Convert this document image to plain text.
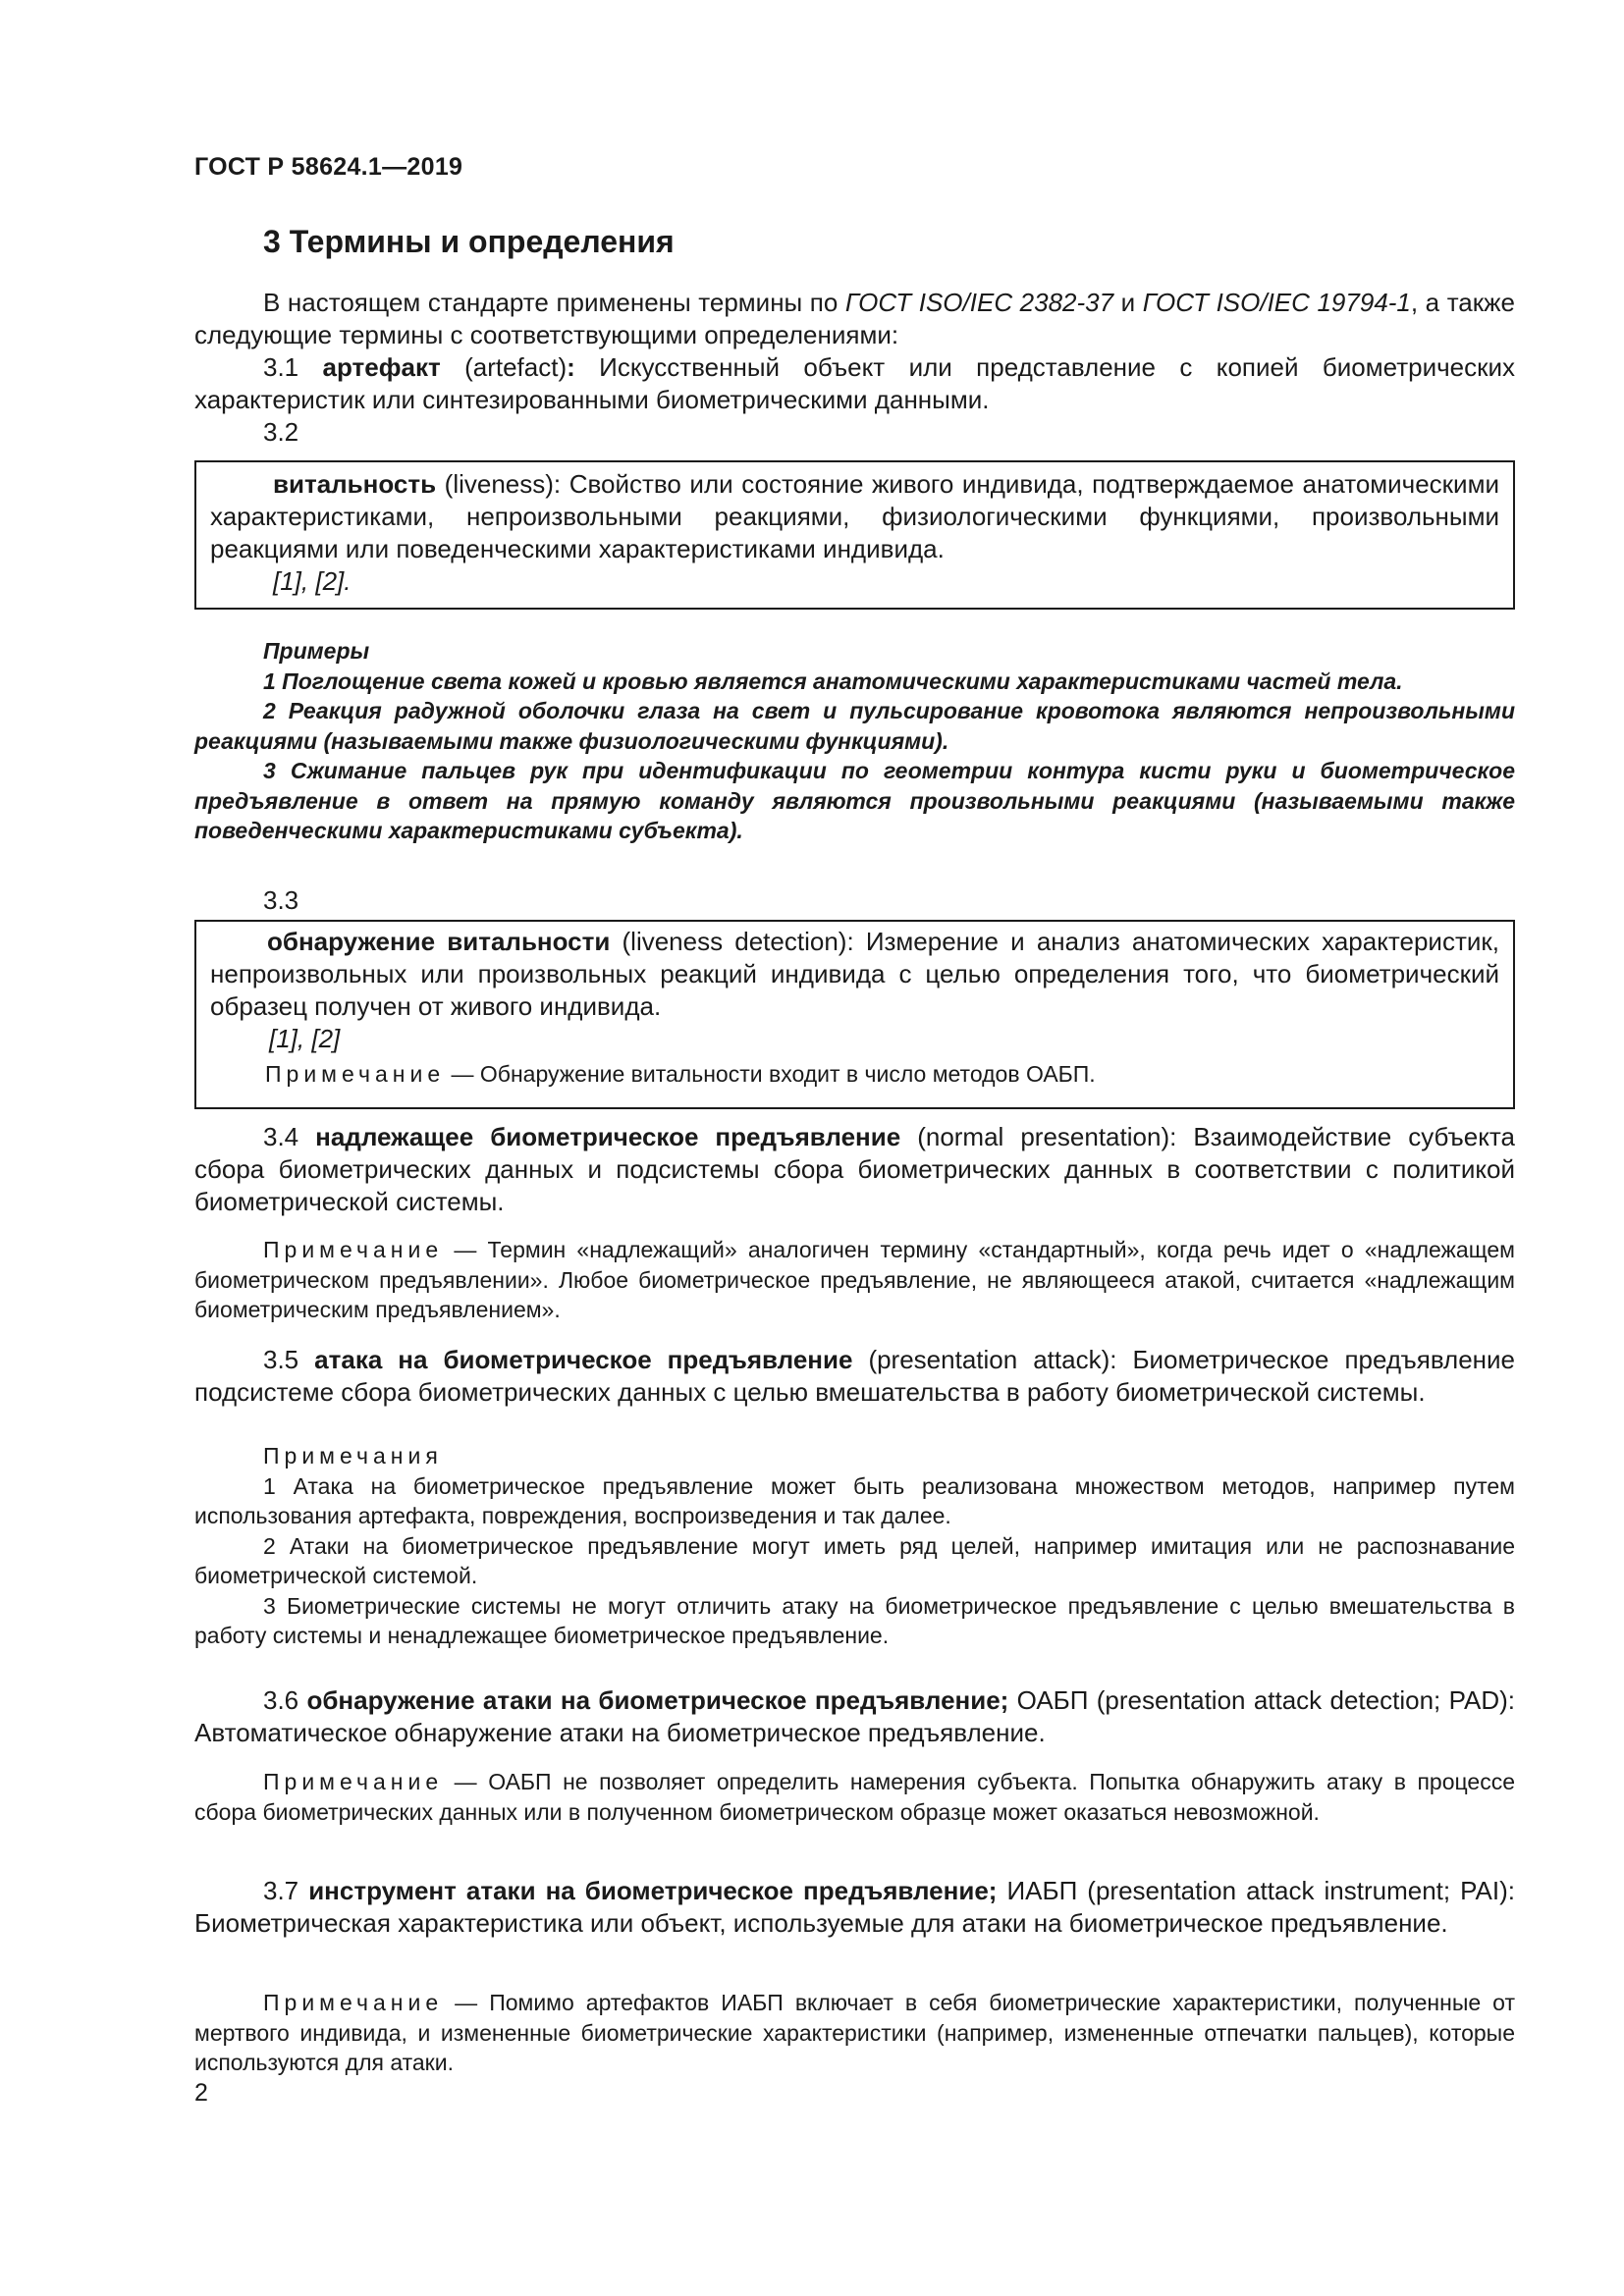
ГОСТ Р 58624.1—2019
3 Термины и определения

В настоящем стандарте применены термины по ГОСТ ISO/IEC 2382-37 и ГОСТ ISO/IEC 19794-1, а также следующие термины с соответствующими определениями:

3.1 артефакт (artefact): Искусственный объект или представление с копией биометрических характеристик или синтезированными биометрическими данными.

3.2

витальность (liveness): Свойство или состояние живого индивида, подтверждаемое анатомическими характеристиками, непроизвольными реакциями, физиологическими функциями, произвольными реакциями или поведенческими характеристиками индивида.

[1], [2].

Примеры

1 Поглощение света кожей и кровью является анатомическими характеристиками частей тела.

2 Реакция радужной оболочки глаза на свет и пульсирование кровотока являются непроизвольными реакциями (называемыми также физиологическими функциями).

3 Сжимание пальцев рук при идентификации по геометрии контура кисти руки и биометрическое предъявление в ответ на прямую команду являются произвольными реакциями (называемыми также поведенческими характеристиками субъекта).

3.3

обнаружение витальности (liveness detection): Измерение и анализ анатомических характеристик, непроизвольных или произвольных реакций индивида с целью определения того, что биометрический образец получен от живого индивида.

[1], [2]

Примечание — Обнаружение витальности входит в число методов ОАБП.

3.4 надлежащее биометрическое предъявление (normal presentation): Взаимодействие субъекта сбора биометрических данных и подсистемы сбора биометрических данных в соответствии с политикой биометрической системы.

Примечание — Термин «надлежащий» аналогичен термину «стандартный», когда речь идет о «надлежащем биометрическом предъявлении». Любое биометрическое предъявление, не являющееся атакой, считается «надлежащим биометрическим предъявлением».

3.5 атака на биометрическое предъявление (presentation attack): Биометрическое предъявление подсистеме сбора биометрических данных с целью вмешательства в работу биометрической системы.

Примечания

1 Атака на биометрическое предъявление может быть реализована множеством методов, например путем использования артефакта, повреждения, воспроизведения и так далее.

2 Атаки на биометрическое предъявление могут иметь ряд целей, например имитация или не распознавание биометрической системой.

3 Биометрические системы не могут отличить атаку на биометрическое предъявление с целью вмешательства в работу системы и ненадлежащее биометрическое предъявление.

3.6 обнаружение атаки на биометрическое предъявление; ОАБП (presentation attack detection; PAD): Автоматическое обнаружение атаки на биометрическое предъявление.

Примечание — ОАБП не позволяет определить намерения субъекта. Попытка обнаружить атаку в процессе сбора биометрических данных или в полученном биометрическом образце может оказаться невозможной.

3.7 инструмент атаки на биометрическое предъявление; ИАБП (presentation attack instrument; PAI): Биометрическая характеристика или объект, используемые для атаки на биометрическое предъявление.

Примечание — Помимо артефактов ИАБП включает в себя биометрические характеристики, полученные от мертвого индивида, и измененные биометрические характеристики (например, измененные отпечатки пальцев), которые используются для атаки.

2
